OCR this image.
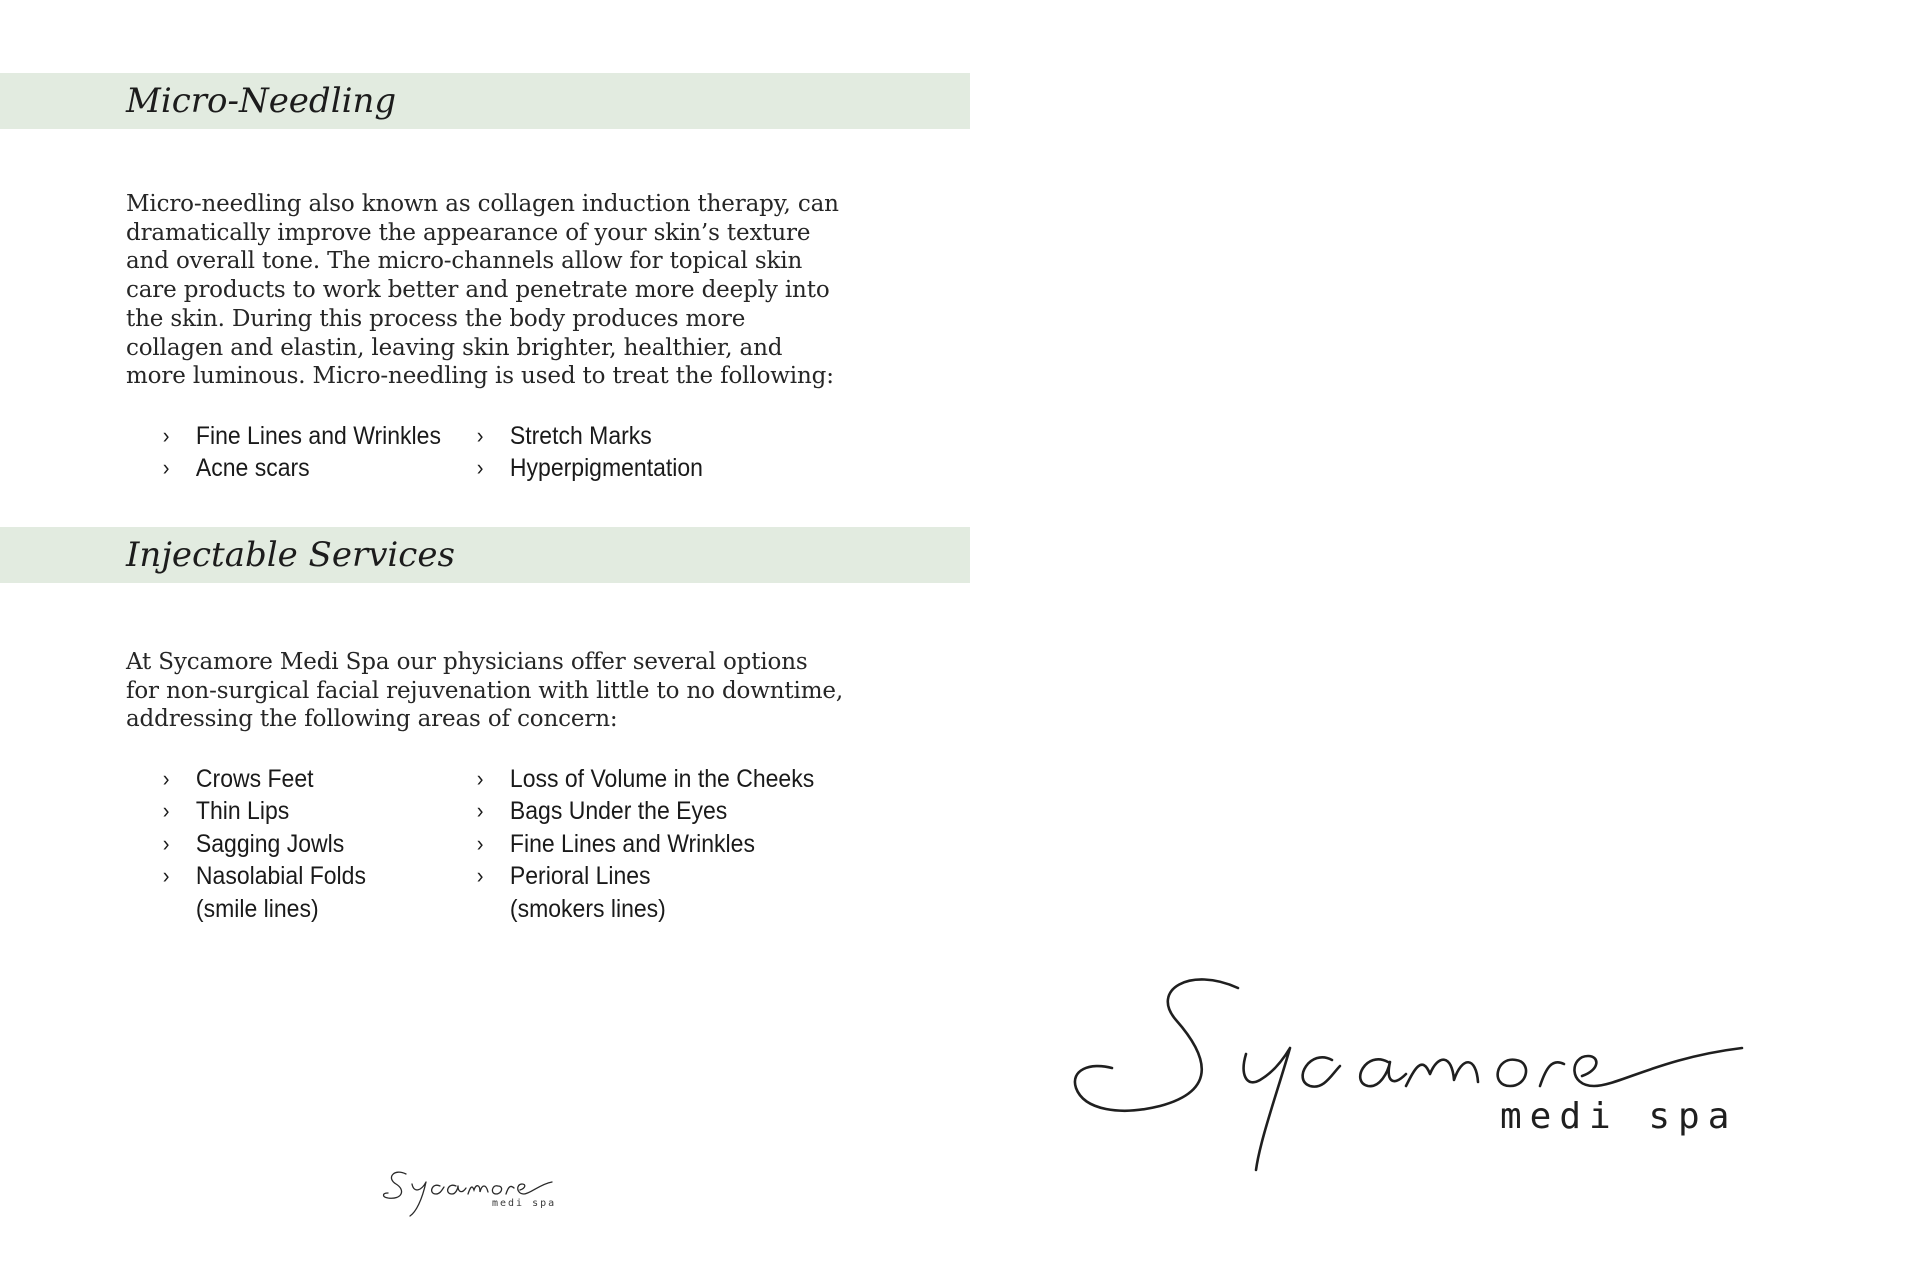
Micro-Needling

Micro-needling also known as collagen induction therapy, can dramatically improve the appearance of your skin’s texture and overall tone. The micro-channels allow for topical skin care products to work better and penetrate more deeply into the skin. During this process the body produces more collagen and elastin, leaving skin brighter, healthier, and more luminous. Micro-needling is used to treat the following:

› Fine Lines and Wrinkles
› Acne scars
› Stretch Marks
› Hyperpigmentation
Injectable Services

At Sycamore Medi Spa our physicians offer several options for non-surgical facial rejuvenation with little to no downtime, addressing the following areas of concern:

› Crows Feet
› Thin Lips
› Sagging Jowls
› Nasolabial Folds
(smile lines)
› Loss of Volume in the Cheeks
› Bags Under the Eyes
› Fine Lines and Wrinkles
› Perioral Lines
(smokers lines)
medi spa
medi spa
